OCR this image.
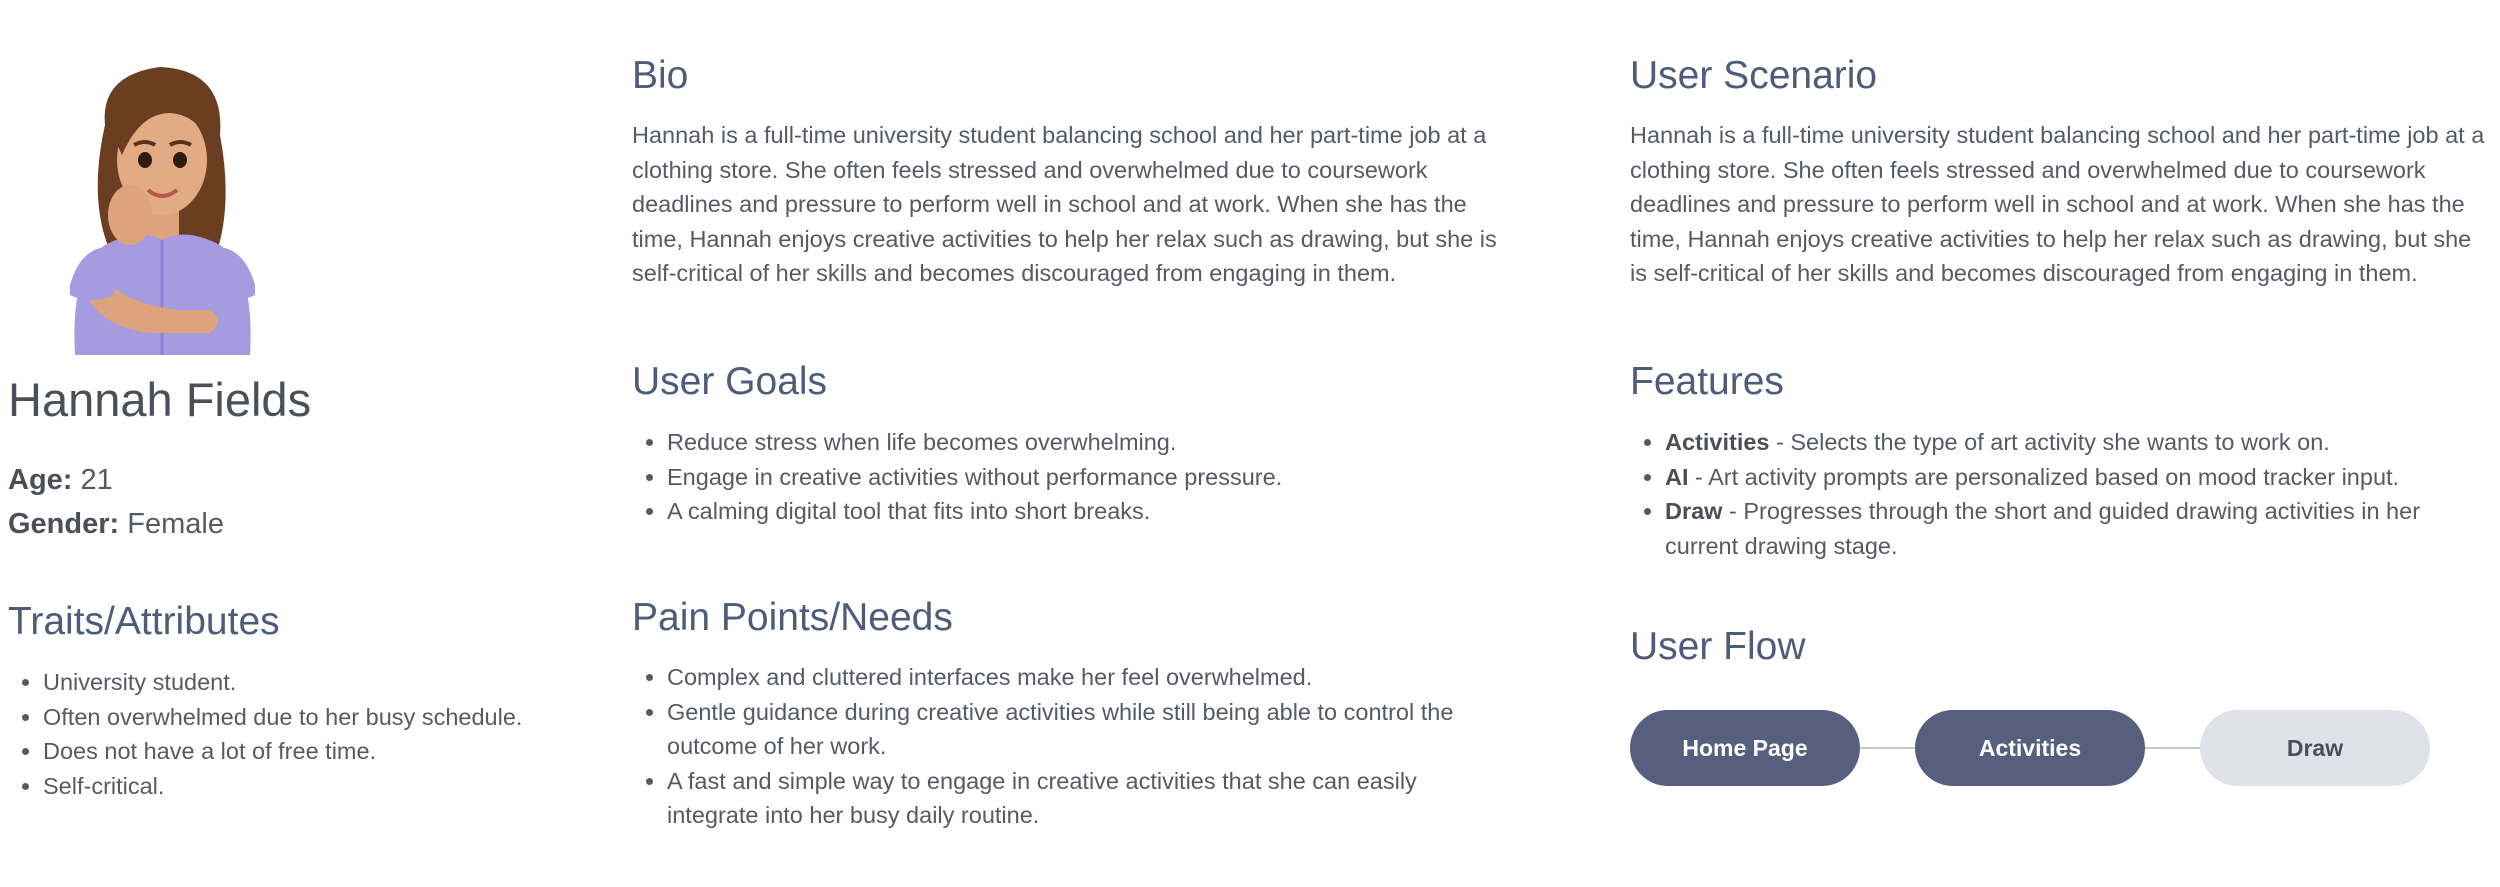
Hannah Fields
Age: 21
Gender: Female
Traits/Attributes
• University student.
• Often overwhelmed due to her busy schedule.
• Does not have a lot of free time.
• Self-critical.
Bio

Hannah is a full-time university student balancing school and her part-time job at a clothing store. She often feels stressed and overwhelmed due to coursework deadlines and pressure to perform well in school and at work. When she has the time, Hannah enjoys creative activities to help her relax such as drawing, but she is self-critical of her skills and becomes discouraged from engaging in them.

User Goals
• Reduce stress when life becomes overwhelming.
• Engage in creative activities without performance pressure.
• A calming digital tool that fits into short breaks.
Pain Points/Needs
• Complex and cluttered interfaces make her feel overwhelmed.
• Gentle guidance during creative activities while still being able to control the outcome of her work.
• A fast and simple way to engage in creative activities that she can easily integrate into her busy daily routine.
User Scenario

Hannah is a full-time university student balancing school and her part-time job at a clothing store. She often feels stressed and overwhelmed due to coursework deadlines and pressure to perform well in school and at work. When she has the time, Hannah enjoys creative activities to help her relax such as drawing, but she is self-critical of her skills and becomes discouraged from engaging in them.

Features
• Activities - Selects the type of art activity she wants to work on.
• AI - Art activity prompts are personalized based on mood tracker input.
• Draw - Progresses through the short and guided drawing activities in her current drawing stage.
User Flow
Home Page	Activities	Draw
